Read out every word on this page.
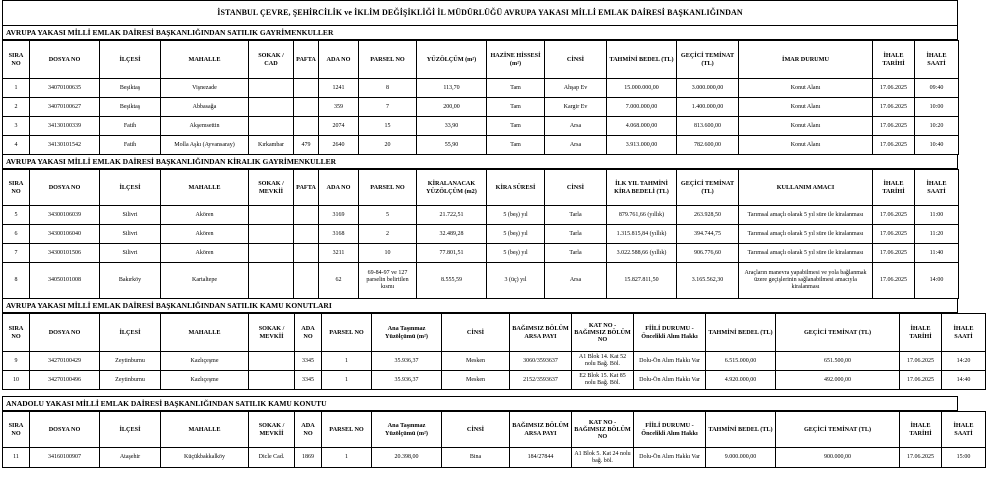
İSTANBUL ÇEVRE, ŞEHİRCİLİK ve İKLİM DEĞİŞİKLİĞİ İL MÜDÜRLÜĞÜ AVRUPA YAKASI MİLLİ EMLAK DAİRESİ BAŞKANLIĞINDAN
AVRUPA YAKASI MİLLİ EMLAK DAİRESİ BAŞKANLIĞINDAN SATILIK GAYRİMENKULLER
SIRA NO	DOSYA NO	İLÇESİ	MAHALLE	SOKAK / CAD	PAFTA	ADA NO	PARSEL NO	YÜZÖLÇÜM (m²)	HAZİNE HİSSESİ (m²)	CİNSİ	TAHMİNİ BEDEL (TL)	GEÇİCİ TEMİNAT (TL)	İMAR DURUMU	İHALE TARİHİ	İHALE SAATİ
1	34070100635	Beşiktaş	Vişnezade			1241	8	113,70	Tam	Ahşap Ev	15.000.000,00	3.000.000,00	Konut Alanı	17.06.2025	09:40
2	34070100627	Beşiktaş	Abbasağa			359	7	200,00	Tam	Kargir Ev	7.000.000,00	1.400.000,00	Konut Alanı	17.06.2025	10:00
3	34130100339	Fatih	Akşemsettin			2074	15	33,90	Tam	Arsa	4.068.000,00	813.600,00	Konut Alanı	17.06.2025	10:20
4	34130101542	Fatih	Molla Aşkı (Ayvansaray)	Kırkambar	479	2640	20	55,90	Tam	Arsa	3.913.000,00	782.600,00	Konut Alanı	17.06.2025	10:40
AVRUPA YAKASI MİLLİ EMLAK DAİRESİ BAŞKANLIĞINDAN KİRALIK GAYRİMENKULLER
SIRA NO	DOSYA NO	İLÇESİ	MAHALLE	SOKAK / MEVKİİ	PAFTA	ADA NO	PARSEL NO	KİRALANACAK YÜZÖLÇÜM (m2)	KİRA SÜRESİ	CİNSİ	İLK YIL TAHMİNİ KİRA BEDELİ (TL)	GEÇİCİ TEMİNAT (TL)	KULLANIM AMACI	İHALE TARİHİ	İHALE SAATİ
5	34300106039	Silivri	Akören			3169	5	21.722,51	5 (beş) yıl	Tarla	879.761,66 (yıllık)	263.928,50	Tarımsal amaçlı olarak 5 yıl süre ile kiralanması	17.06.2025	11:00
6	34300106040	Silivri	Akören			3168	2	32.489,28	5 (beş) yıl	Tarla	1.315.815,84 (yıllık)	394.744,75	Tarımsal amaçlı olarak 5 yıl süre ile kiralanması	17.06.2025	11:20
7	34300101506	Silivri	Akören			3211	10	77.801,51	5 (beş) yıl	Tarla	3.022.588,66 (yıllık)	906.776,60	Tarımsal amaçlı olarak 5 yıl süre ile kiralanması	17.06.2025	11:40
8	34050101008	Bakırköy	Kartaltepe			62	69-84-97 ve 127 parselin belirtilen kısmı	8.555,59	3 (üç) yıl	Arsa	15.827.811,50	3.165.562,30	Araçların manevra yapabilmesi ve yola bağlanmak üzere geçişlerinin sağlanabilmesi amacıyla kiralanması	17.06.2025	14:00
AVRUPA YAKASI MİLLİ EMLAK DAİRESİ BAŞKANLIĞINDAN SATILIK KAMU KONUTLARI
SIRA NO	DOSYA NO	İLÇESİ	MAHALLE	SOKAK / MEVKİİ	ADA NO	PARSEL NO	Ana Taşınmaz Yüzölçümü (m²)	CİNSİ	BAĞIMSIZ BÖLÜM ARSA PAYI	KAT NO - BAĞIMSIZ BÖLÜM NO	FİİLİ DURUMU - Öncelikli Alım Hakkı	TAHMİNİ BEDEL (TL)	GEÇİCİ TEMİNAT (TL)	İHALE TARİHİ	İHALE SAATİ
9	34270100429	Zeytinburnu	Kazlıçeşme		3345	1	35.936,37	Mesken	3060/3593637	A1 Blok 14. Kat 52 nolu Bağ. Böl.	Dolu-Ön Alım Hakkı Var	6.515.000,00	651.500,00	17.06.2025	14:20
10	34270100496	Zeytinburnu	Kazlıçeşme		3345	1	35.936,37	Mesken	2152/3593637	E2 Blok 15. Kat 85 nolu Bağ. Böl.	Dolu-Ön Alım Hakkı Var	4.920.000,00	492.000,00	17.06.2025	14:40
ANADOLU YAKASI MİLLİ EMLAK DAİRESİ BAŞKANLIĞINDAN SATILIK KAMU KONUTU
SIRA NO	DOSYA NO	İLÇESİ	MAHALLE	SOKAK / MEVKİİ	ADA NO	PARSEL NO	Ana Taşınmaz Yüzölçümü (m²)	CİNSİ	BAĞIMSIZ BÖLÜM ARSA PAYI	KAT NO - BAĞIMSIZ BÖLÜM NO	FİİLİ DURUMU - Öncelikli Alım Hakkı	TAHMİNİ BEDEL (TL)	GEÇİCİ TEMİNAT (TL)	İHALE TARİHİ	İHALE SAATİ
11	34160100907	Ataşehir	Küçükbakkalköy	Dicle Cad.	1869	1	20.398,00	Bina	184/27844	A1 Blok 5. Kat 24 nolu bağ. böl.	Dolu-Ön Alım Hakkı Var	9.000.000,00	900.000,00	17.06.2025	15:00
